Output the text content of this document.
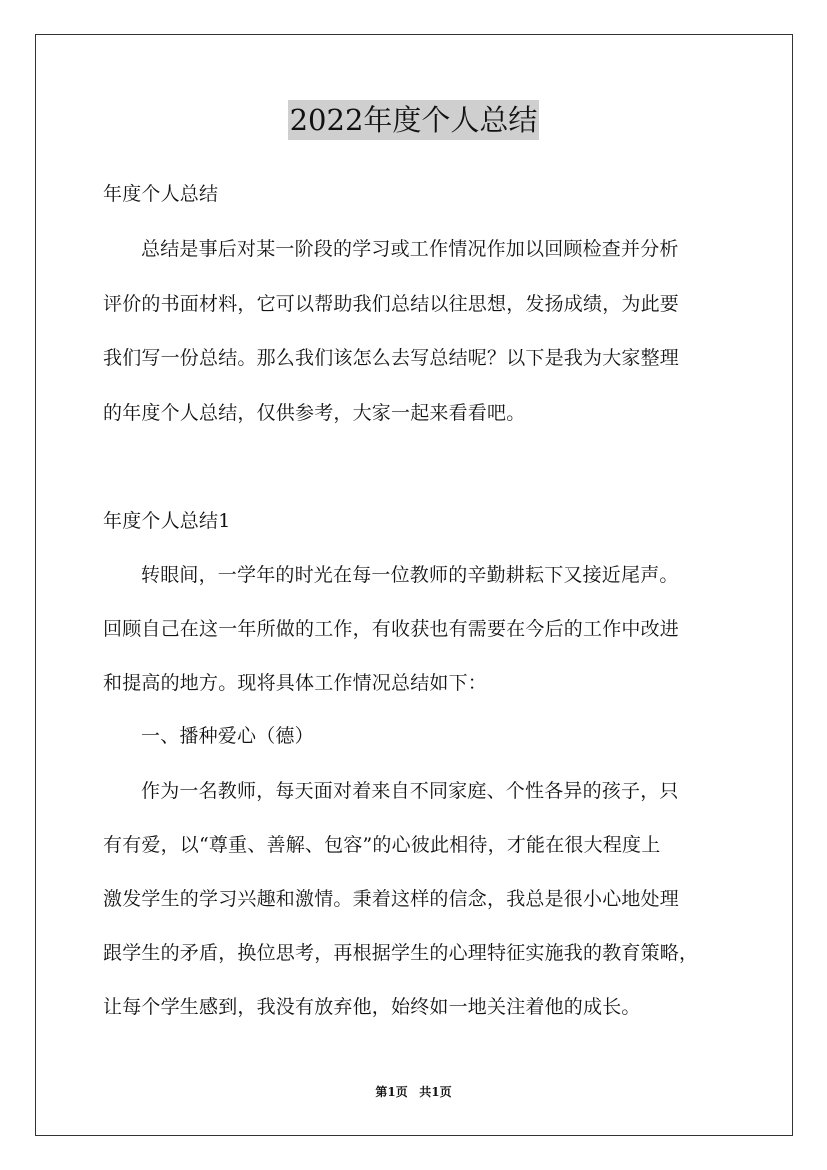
2022年度个人总结
年度个人总结
总结是事后对某一阶段的学习或工作情况作加以回顾检查并分析
评价的书面材料，它可以帮助我们总结以往思想，发扬成绩，为此要
我们写一份总结。那么我们该怎么去写总结呢？以下是我为大家整理
的年度个人总结，仅供参考，大家一起来看看吧。
年度个人总结1
转眼间，一学年的时光在每一位教师的辛勤耕耘下又接近尾声。
回顾自己在这一年所做的工作，有收获也有需要在今后的工作中改进
和提高的地方。现将具体工作情况总结如下：
一、播种爱心（德）
作为一名教师，每天面对着来自不同家庭、个性各异的孩子，只
有有爱，以“尊重、善解、包容”的心彼此相待，才能在很大程度上
激发学生的学习兴趣和激情。秉着这样的信念，我总是很小心地处理
跟学生的矛盾，换位思考，再根据学生的心理特征实施我的教育策略，
让每个学生感到，我没有放弃他，始终如一地关注着他的成长。
第1页 共1页
